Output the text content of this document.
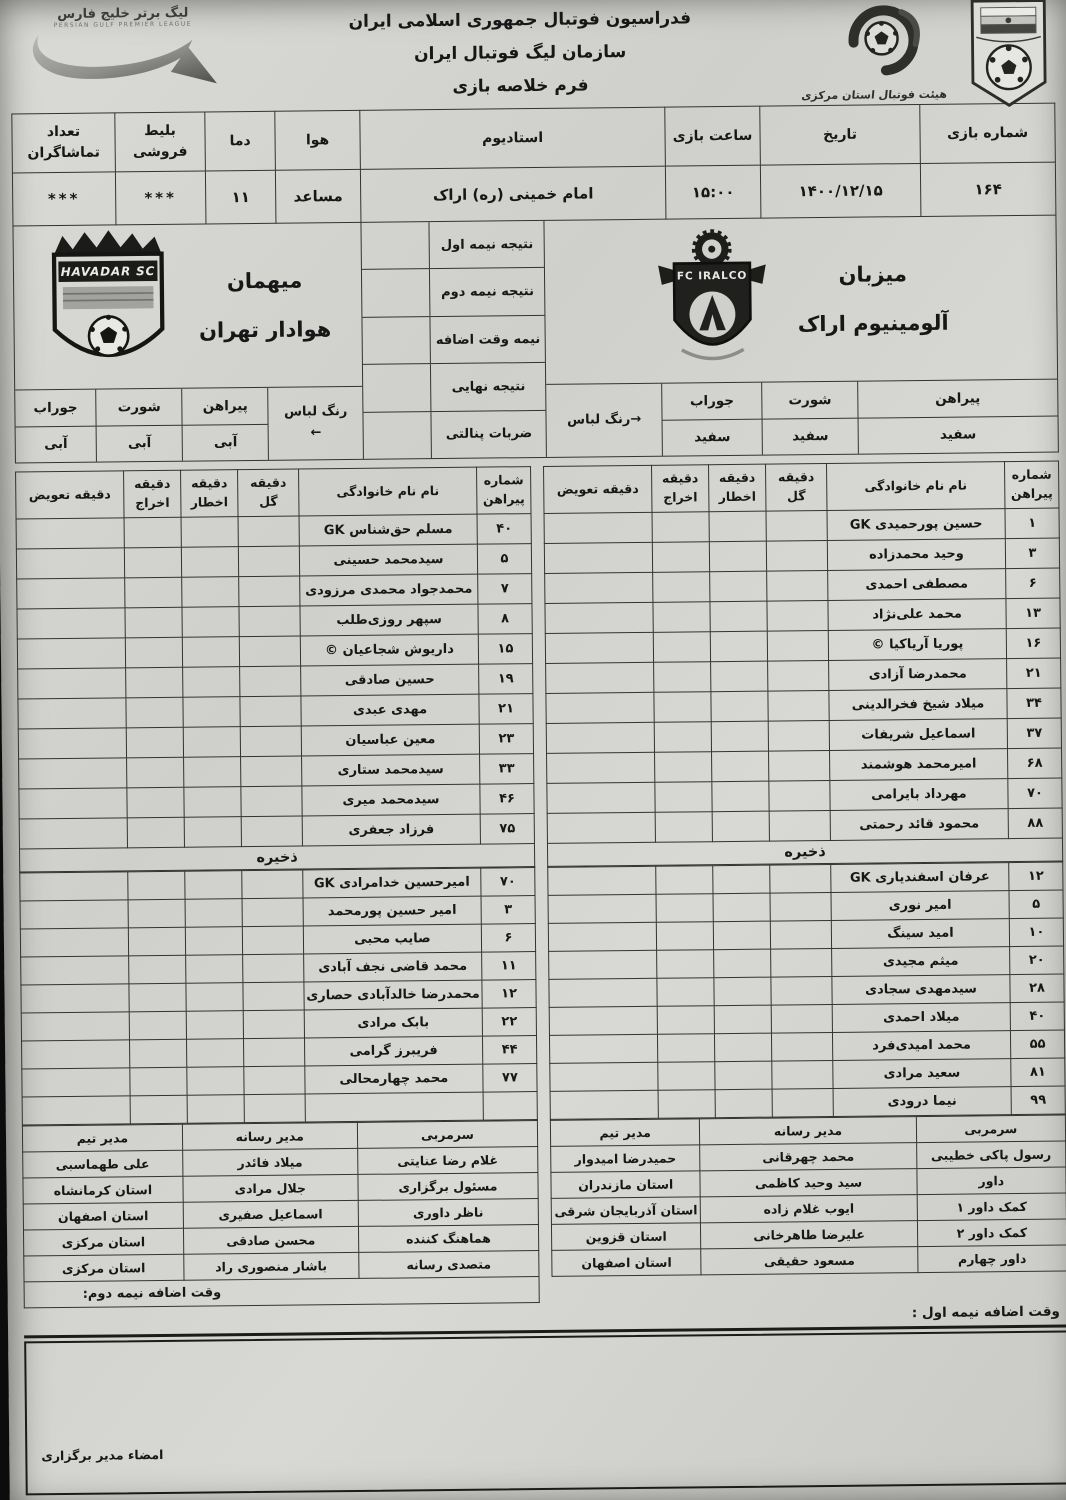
هیئت فوتبال استان مرکزی
فدراسیون فوتبال جمهوری اسلامی ایران
سازمان لیگ فوتبال ایران
فرم خلاصه بازی
لیگ برتر خلیج فارس
PERSIAN GULF PREMIER LEAGUE
شماره بازی	تاریخ	ساعت بازی	استادیوم	هوا	دما	بلیط فروشی	تعداد تماشاگران
۱۶۴	۱۴۰۰/۱۲/۱۵	۱۵:۰۰	امام خمینی (ره) اراک	مساعد	۱۱	***	***
میزبان
آلومینیوم اراک
FC IRALCO
پیراهن
سفید
شورت
سفید
جوراب
سفید
→رنگ لباس
نتیجه نیمه اول
نتیجه نیمه دوم
نیمه وقت اضافه
نتیجه نهایی
ضربات پنالتی
میهمان
هوادار تهران
HAVADAR SC
رنگ لباس
←
پیراهن
آبی
شورت
آبی
جوراب
آبی
شماره پیراهن	نام نام خانوادگی	دقیقه گل	دقیقه اخطار	دقیقه اخراج	دقیقه تعویض
۱	حسین پورحمیدی GK				
۳	وحید محمدزاده				
۶	مصطفی احمدی				
۱۳	محمد علی‌نژاد				
۱۶	پوریا آریاکیا ©				
۲۱	محمدرضا آزادی				
۳۴	میلاد شیخ فخرالدینی				
۳۷	اسماعیل شریفات				
۶۸	امیرمحمد هوشمند				
۷۰	مهرداد بایرامی				
۸۸	محمود قائد رحمتی				
ذخیره
۱۲	عرفان اسفندیاری GK				
۵	امیر نوری				
۱۰	امید سینگ				
۲۰	میثم مجیدی				
۲۸	سیدمهدی سجادی				
۴۰	میلاد احمدی				
۵۵	محمد امیدی‌فرد				
۸۱	سعید مرادی				
۹۹	نیما درودی				
سرمربی	مدیر رسانه	مدیر تیم
رسول پاکی خطیبی	محمد چهرقانی	حمیدرضا امیدوار
داور	سید وحید کاظمی	استان مازندران
کمک داور ۱	ایوب غلام زاده	استان آذربایجان شرقی
کمک داور ۲	علیرضا طاهرخانی	استان قزوین
داور چهارم	مسعود حقیقی	استان اصفهان
شماره پیراهن	نام نام خانوادگی	دقیقه گل	دقیقه اخطار	دقیقه اخراج	دقیقه تعویض
۴۰	مسلم حق‌شناس GK				
۵	سیدمحمد حسینی				
۷	محمدجواد محمدی مرزودی				
۸	سپهر روزی‌طلب				
۱۵	داریوش شجاعیان ©				
۱۹	حسین صادقی				
۲۱	مهدی عبدی				
۲۳	معین عباسیان				
۳۳	سیدمحمد ستاری				
۴۶	سیدمحمد میری				
۷۵	فرزاد جعفری				
ذخیره
۷۰	امیرحسین خدامرادی GK				
۳	امیر حسین پورمحمد				
۶	صایب محبی				
۱۱	محمد قاضی نجف آبادی				
۱۲	محمدرضا خالدآبادی حصاری				
۲۲	بابک مرادی				
۴۴	فریبرز گرامی				
۷۷	محمد چهارمحالی				

سرمربی	مدیر رسانه	مدیر تیم
غلام رضا عنایتی	میلاد فائدر	علی طهماسبی
مسئول برگزاری	جلال مرادی	استان کرمانشاه
ناظر داوری	اسماعیل صفیری	استان اصفهان
هماهنگ کننده	محسن صادقی	استان مرکزی
متصدی رسانه	باشار منصوری راد	استان مرکزی
وقت اضافه نیمه دوم:
وقت اضافه نیمه اول :
امضاء مدیر برگزاری
